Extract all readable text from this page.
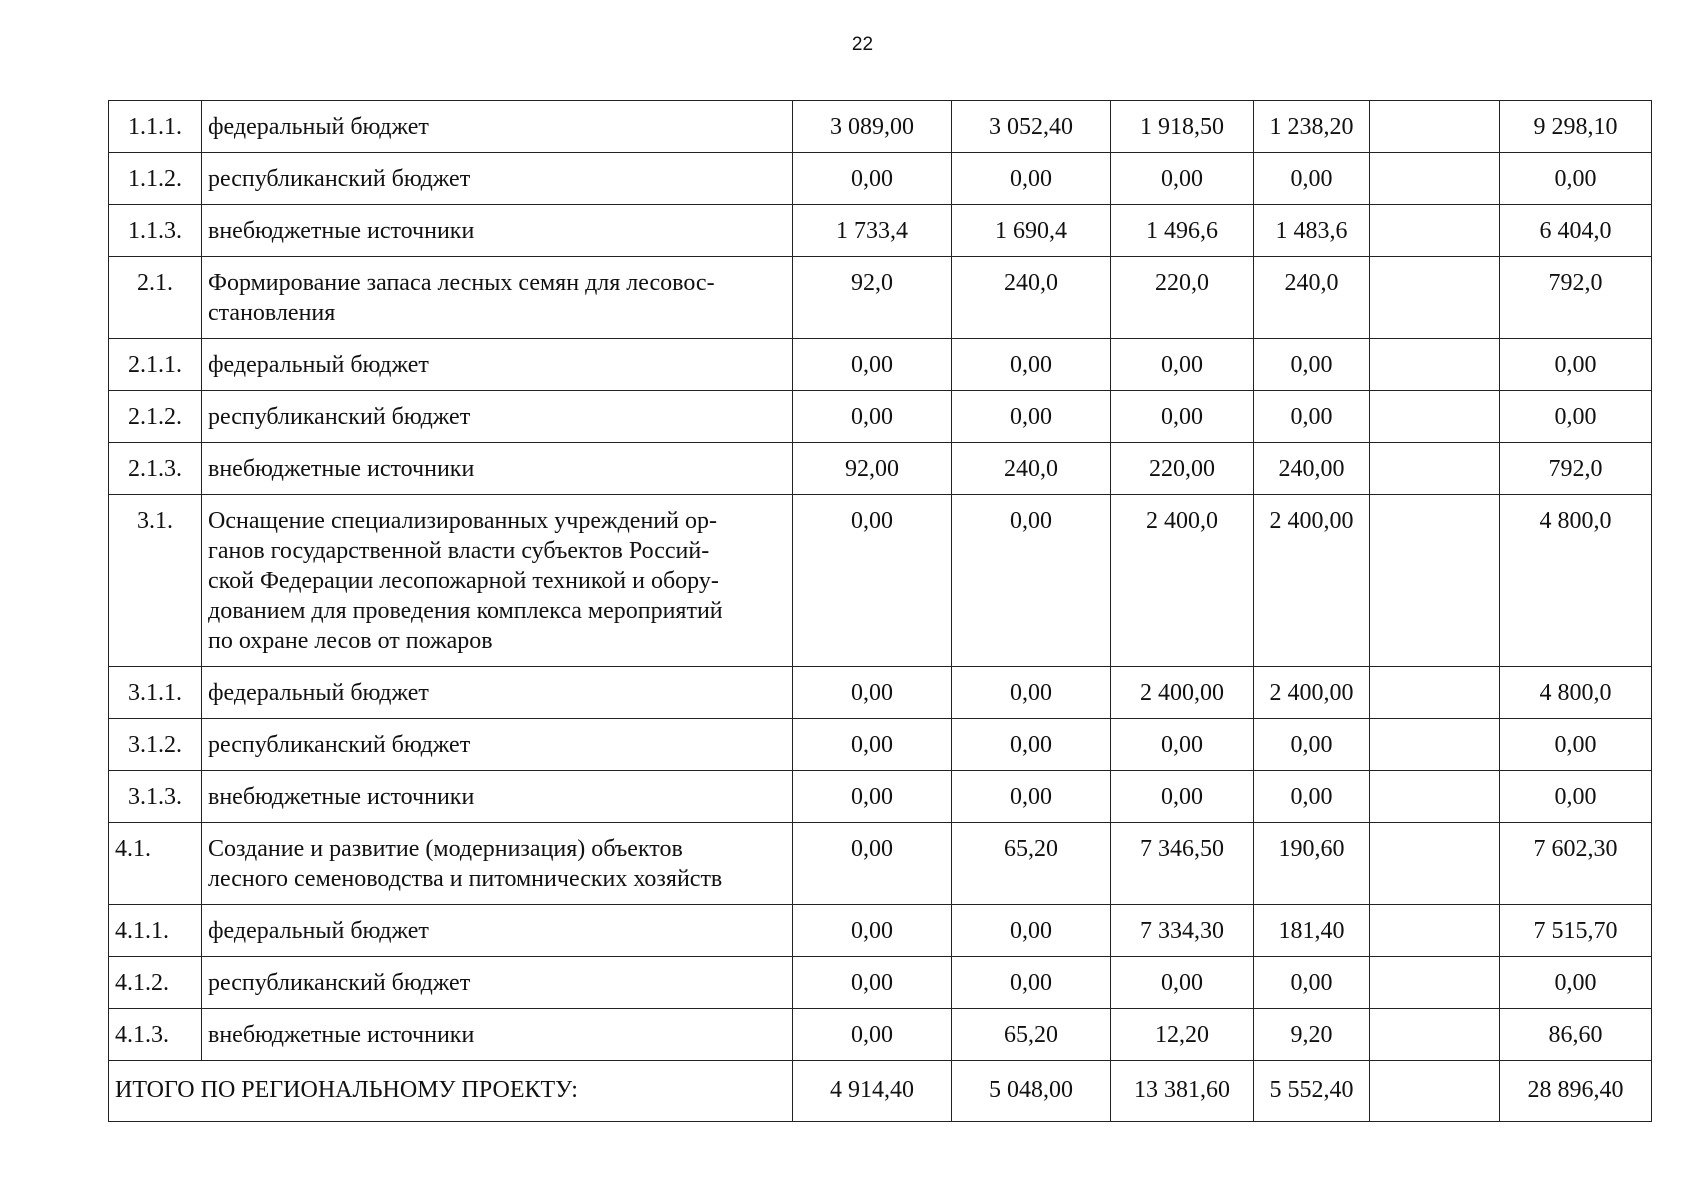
22
1.1.1.	федеральный бюджет	3 089,00	3 052,40	1 918,50	1 238,20		9 298,10
1.1.2.	республиканский бюджет	0,00	0,00	0,00	0,00		0,00
1.1.3.	внебюджетные источники	1 733,4	1 690,4	1 496,6	1 483,6		6 404,0
2.1.	Формирование запаса лесных семян для лесовос-
становления	92,0	240,0	220,0	240,0		792,0
2.1.1.	федеральный бюджет	0,00	0,00	0,00	0,00		0,00
2.1.2.	республиканский бюджет	0,00	0,00	0,00	0,00		0,00
2.1.3.	внебюджетные источники	92,00	240,0	220,00	240,00		792,0
3.1.	Оснащение специализированных учреждений ор-
ганов государственной власти субъектов Россий-
ской Федерации лесопожарной техникой и обору-
дованием для проведения комплекса мероприятий
по охране лесов от пожаров	0,00	0,00	2 400,0	2 400,00		4 800,0
3.1.1.	федеральный бюджет	0,00	0,00	2 400,00	2 400,00		4 800,0
3.1.2.	республиканский бюджет	0,00	0,00	0,00	0,00		0,00
3.1.3.	внебюджетные источники	0,00	0,00	0,00	0,00		0,00
4.1.	Создание и развитие (модернизация) объектов
лесного семеноводства и питомнических хозяйств	0,00	65,20	7 346,50	190,60		7 602,30
4.1.1.	федеральный бюджет	0,00	0,00	7 334,30	181,40		7 515,70
4.1.2.	республиканский бюджет	0,00	0,00	0,00	0,00		0,00
4.1.3.	внебюджетные источники	0,00	65,20	12,20	9,20		86,60
ИТОГО ПО РЕГИОНАЛЬНОМУ ПРОЕКТУ:		4 914,40	5 048,00	13 381,60	5 552,40		28 896,40
